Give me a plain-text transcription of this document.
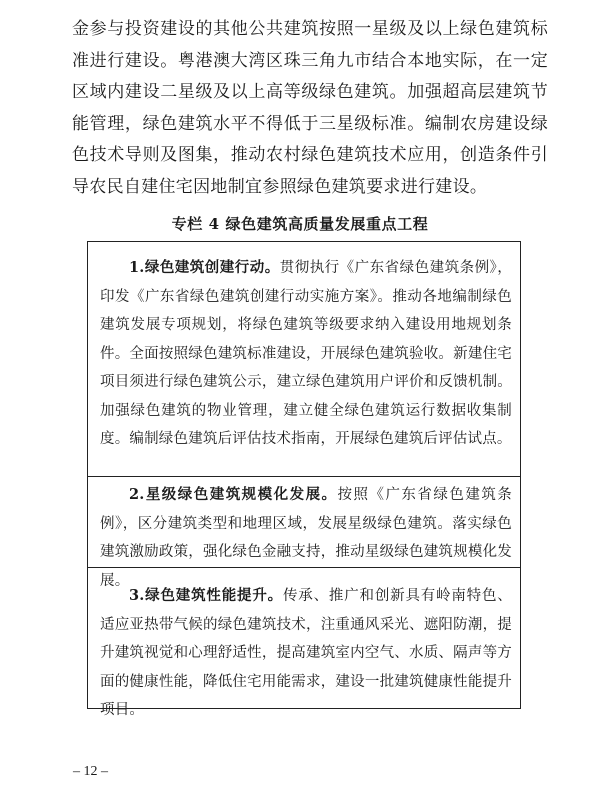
金参与投资建设的其他公共建筑按照一星级及以上绿色建筑标准进行建设。粤港澳大湾区珠三角九市结合本地实际，在一定区域内建设二星级及以上高等级绿色建筑。加强超高层建筑节能管理，绿色建筑水平不得低于三星级标准。编制农房建设绿色技术导则及图集，推动农村绿色建筑技术应用，创造条件引导农民自建住宅因地制宜参照绿色建筑要求进行建设。

专栏 4 绿色建筑高质量发展重点工程

1.绿色建筑创建行动。贯彻执行《广东省绿色建筑条例》，印发《广东省绿色建筑创建行动实施方案》。推动各地编制绿色建筑发展专项规划，将绿色建筑等级要求纳入建设用地规划条件。全面按照绿色建筑标准建设，开展绿色建筑验收。新建住宅项目须进行绿色建筑公示，建立绿色建筑用户评价和反馈机制。加强绿色建筑的物业管理，建立健全绿色建筑运行数据收集制度。编制绿色建筑后评估技术指南，开展绿色建筑后评估试点。

2.星级绿色建筑规模化发展。按照《广东省绿色建筑条例》，区分建筑类型和地理区域，发展星级绿色建筑。落实绿色建筑激励政策，强化绿色金融支持，推动星级绿色建筑规模化发展。

3.绿色建筑性能提升。传承、推广和创新具有岭南特色、适应亚热带气候的绿色建筑技术，注重通风采光、遮阳防潮，提升建筑视觉和心理舒适性，提高建筑室内空气、水质、隔声等方面的健康性能，降低住宅用能需求，建设一批建筑健康性能提升项目。

– 12 –
